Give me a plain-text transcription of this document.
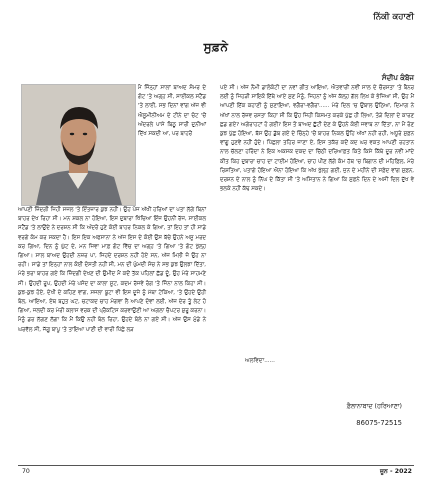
ਨਿੱਕੀ ਕਹਾਣੀ
ਸੁਫ਼ਨੇ
ਸੰਦੀਪ ਕੰਬੋਜ

ਮੈਂ ਜਿੰਨ੍ਹਾਂ ਸਾਲਾਂ ਬਾਅਦ ਸੋਮਰ ਦੇ ਗੋਟ 'ਤੇ ਅਗ੍ਹ ਸੀ, ਸਾਈਕਲ ਸਟੈਂਡ 'ਤੇ ਲਾਈ, ਸਭ ਦਿਨਾਂ ਵਾਂਗ ਅੱਜ ਵੀ ਐਲੂਮੀਨੀਅਮ ਦੇ ਟੀਨੇ ਦਾ ਚੋਟ 'ਚੋਂ ਅੰਦਰਲੇ ਪਾਸੇ ਬਿਠੂ ਸਾਰੀ ਦੁਨੀਆਂ ਦਿੱਖ ਸਕਦੀ ਆ, ਪਰ ਬਾਹਰੋਂ

ਆਪਣੀ ਜ਼ਿੰਦਗੀ ਜਿਹੀ ਸਜਲ 'ਤੇ ਇੰਤਜ਼ਾਰ ਕੁਝ ਨਹੀਂ। ਉਹ ਪੰਜ ਅੱਖੀਂ ਹਰਿਆਂ ਦਾ ਪਤਾ ਲੱਗੇ ਬਿਨਾਂ ਬਾਹਰ ਦੇਖ ਰਿਹਾ ਸੀ। ਮਨ ਸ਼ਕਲ ਨਾ ਹੋਇਆ, ਇਸ ਦੁਬਾਰਾ ਖਿੱਚਿਆ ਇੰਜ ਉਹਨੀਂ ਰੱਜ, ਸਾਈਕਲ ਸਟੈਂਡ 'ਤੇ ਲਾਉਂਦੇ ਨੇ ਦਰਸ਼ਨ ਸੀ ਕਿ ਅੰਦਰੋਂ ਹੁਣੇ ਕੋਈ ਬਾਹਰ ਨਿਕਲ ਕੇ ਗਿਆ, ਤਾਂ ਇਹ ਤਾਂ ਹੀ ਸਾਡੇ ਵਰਗੇ ਕੰਮ ਕਰ ਸਕਦਾ ਹੈ। ਇਸ ਇਕ ਅਫਸਾਨਾ ਨੇ ਅੱਜ ਇਸ ਦੇ ਕੋਈ ਉਸ ਬੱਚੇ ਉਹਨੇ ਅਸੂ ਮਰਦ ਕਰ ਗਿਆ, ਦਿਨ ਨੂੰ ਘੁੱਟ ਦੇ, ਮਨ ਜਿਵਾ ਮਾਫ਼ ਗੋਟ ਵਿੱਚ ਦਾ ਅਗ੍ਹ 'ਤੇ ਗਿਆ 'ਤੇ ਗੋਟ ਖੁੱਲ੍ਹ ਗਿਆ। ਸਾਲ ਬਾਅਦ ਉਹਦੀ ਨਜ਼ਰ ਪਾ, ਜਿਹਦੇ ਦਰਸ਼ਨ ਨਹੀਂ ਹੋਏ ਸਨ, ਅੱਜ ਮਿਲੀ ਜੋ ਉਹ ਨਾ ਰਹੀ। ਸਾਡੇ ਤਾਂ ਇਨ੍ਹਾਂ ਨਾਲ ਕੋਈ ਦੋਸਤੀ ਨਹੀਂ ਸੀ, ਮਨ ਦੀ ਘੁੰਮਦੀ ਸੋਚ ਨੇ ਸਭ ਕੁਝ ਉਲਝਾ ਦਿੱਤਾ, ਮੇਰੇ ਭਰਾ ਬਾਹਰ ਗਏ ਕਿ ਜ਼ਿੰਦਗੀ ਦੇਖਣ ਦੀ ਉਮੀਦ ਮੈਂ ਕਦੋਂ ਤੱਕ ਪਹਿਲਾਂ ਛੱਡ ਦੂੰ, ਉਹ ਮੇਰੇ ਸਾਹਮਣੇ ਸੀ। ਉਹਦੀ ਰੂਪ, ਉਹਦੀ ਮੇਰੇ ਪਸੰਦ ਦਾ ਕਾਲਾ ਸੂਟ, ਕਦਮ ਰੱਜਵੇ ਰੰਗ 'ਤੇ ਜਿੰਨਾ ਨਾਲ ਕਿਹਾ ਸੀ। ਕੁਝ-ਕੁਝ ਹੋਏ, ਦੇਖੀ ਦੇ ਕਹਿਣ ਵਾਂਗ, ਸਜਲਾ ਬੂਟਾ ਵੀ ਇਸ ਦੂਜੇ ਨੂੰ ਮੱਥਾ ਟੇਕਿਆ, 'ਤੇ ਉਹਦੇ ਉਹੀ ਬੋਲ, ਆਇਆ, ਏਥ ਬਹੁਤ ਘਟ, ਚਟਾਕਦ ਚਾਹ ਮੰਗਵਾ ਲੈ ਆਪਣੇ ਦੋਵਾਂ ਲਈ, ਅੱਜ ਦੇਰ ਤੂੰ ਲੇਟ ਹੋ ਗਿਆ, ਜਲਦੀ ਕਰ ਮੇਰੀ ਕਲਾਸ ਵਰਕ ਦੀ ਪ੍ਰੈਕਟਿਸ ਕਰਵਾਉਣੀ ਆ ਅਗਲਾ ਚੈਪਟਰ ਸ਼ੁਰੂ ਕਰਨਾ। ਮੈਨੂੰ ਡਰ ਲੱਗਣ ਲੱਗਾ ਕਿ ਮੈਂ ਕਿਉਂ ਨਹੀਂ ਬੋਲ ਰਿਹਾ, ਉਹਦੇ ਬੋਲੇ ਨਾ ਗਏ ਸੀ। ਅੱਜ ਉਸ ਮੁੰਡੇ ਨੇ ਘਰਵੱਲ ਸੀ, ਜੱਗੂ ਬਾਪੂ 'ਤੇ ਤਾਇਆ ਪਾਣੀ ਦੀ ਵਾਰੀ ਪਿੱਛੇ ਲੜ

ਪਏ ਸੀ। ਅੱਜ ਨੌਮੀ ਡਾਲੋਕੋਟੀ ਦਾ ਨਵਾਂ ਗੀਤ ਆਇਆ, ਐਤਵਾਰੀਂ ਨਵੀਂ ਸਾਲ ਦੇ ਚੌਰਸਤਾ 'ਤੇ ਬੈਨਰ ਲਈ ਨੂੰ ਜਿਹੜੀ ਸਾਇਕੋ ਇੱਥੇ ਆਏ ਸੁਣ ਮੈਨੂੰ, ਜਿਹਨਾਂ ਨੂੰ ਅੱਜ ਕੱਲ੍ਹ ਗੱਲ ਲਿਖ ਕੇ ਭੇਜਿਆ ਸੀ, ਉਹ ਮੈਂ ਆਪਣੀ ਇੱਕ ਕਹਾਣੀ ਨੂੰ ਸੁਣਾਇਆ, ਵਗੈਰਾ-ਵਗੈਰਾ...... ਮੇਰੇ ਦਿਲ 'ਚ ਉਬਾਲ ਉਠਿਆ, ਦਿਮਾਗ ਨੇ ਅੱਖਾਂ ਨਾਲ ਰੱਜ਼ਵ ਰਸਤਾ ਕਿਹਾ ਸੀ ਕਿ ਉਹ ਜਿਹੀ ਕਿਸਮਤ ਕਰਕੇ ਪੁੱਛ ਹੀ ਲਿਆ, ਤੋੜੇ ਦਿਲਾਂ ਦੇ ਕਾਰਣ ਛਡ ਗਏ? ਅਗੇਰਾਹਟਾਂ ਹੋ ਗਈ? ਇਸ ਤੋਂ ਬਾਅਦ ਛੁੱਟੀ ਦੇਣ ਕੇ ਉਹਨੇ ਕੋਈ ਜਵਾਬ ਨਾ ਦਿੱਤਾ, ਨਾ ਮੈਂ ਰੋਣ ਕੁਝ ਪੁੱਛ ਹੋਇਆ, ਬੱਸ ਉਹ ਡੁੱਬ ਗਏ ਦੇ ਚਿੰਨ੍ਹੇ 'ਚੋਂ ਬਾਹਰ ਨਿਕਲ ਉਹਿ ਅੱਖਾਂ ਨਹੀਂ ਰਹੀ, ਅਧੂਰੇ ਸੁਫ਼ਨ ਵਾਂਗੂ ਹੁਣਵੇਂ ਨਹੀਂ ਹੁੰਦੇ। ਪਿੱਛਲਾ ਤਹਿਰ ਜਾਣਾ ਏ, ਇਸ ਤਕੱਰ ਕਦੋਂ ਕਦ ਘਰ ਵਕਤ ਆਪਣੀ ਰਹਤਾਨ ਨਾਲ ਚੱਲਣਾ ਹਰਿੰਦਾ ਨੇ ਇਕ ਅਕਸਕ ਦਕਦ ਦਾ ਚਿੱਠੀ ਦਰਿਆਫ਼ਤ ਕਿਤੇ ਕਿਸੇ ਕਿੱਥੇ ਦੂਰ ਨਵੀਂ ਮਾਂਦੇ ਕੀਤ ਕਿਹ ਦੁਬਾਰਾ ਚਾਹ ਦਾ ਟਾਈਮ ਹੋਇਆ, ਚਾਹ ਪੀਣ ਲੱਗੇ ਕੰਮ ਹੱਥ 'ਚ ਬਿਗਾਨ ਦੀ ਮਹਿਫ਼ਿਲ, ਮੇਰੇ ਰਿਸ਼ਤਿਆ, ਪਤਾਗੇ ਹੋਇਆ ਐਨਾ ਹੋਇਆ ਕਿ ਅੱਖ ਖੁੱਲ੍ਹ ਗਈ, ਜੁਨ ਦੇ ਮਹੀਨੇ ਦੀ ਸਫ਼ੇਦ ਵਾਂਗ ਸੁਫ਼ਨ, ਦਰਸ਼ਨ ਦੇ ਨਾਲ ਨੂੰ ਨਿੱਘ ਦੇ ਕਿੱਤਾ ਸੀ 'ਤੇ ਅਸਿਤਾਨ ਨੇ ਗਿਆ ਕਿ ਸੁਫ਼ਨੇ ਦਿਨ ਦੇ ਅਸੀਂ ਦਿਲ ਦੁੱਖ ਵੇ ਭਲਕੇ ਨਹੀਂ ਕੱਢ ਸਕਦੇ।

ਅਲਵਿਦਾ......
ਫ਼ੈਲਾਨਾਬਾਦ (ਹਰਿਆਣਾ)
86075-72515
70	ਜੂਨ - 2022
